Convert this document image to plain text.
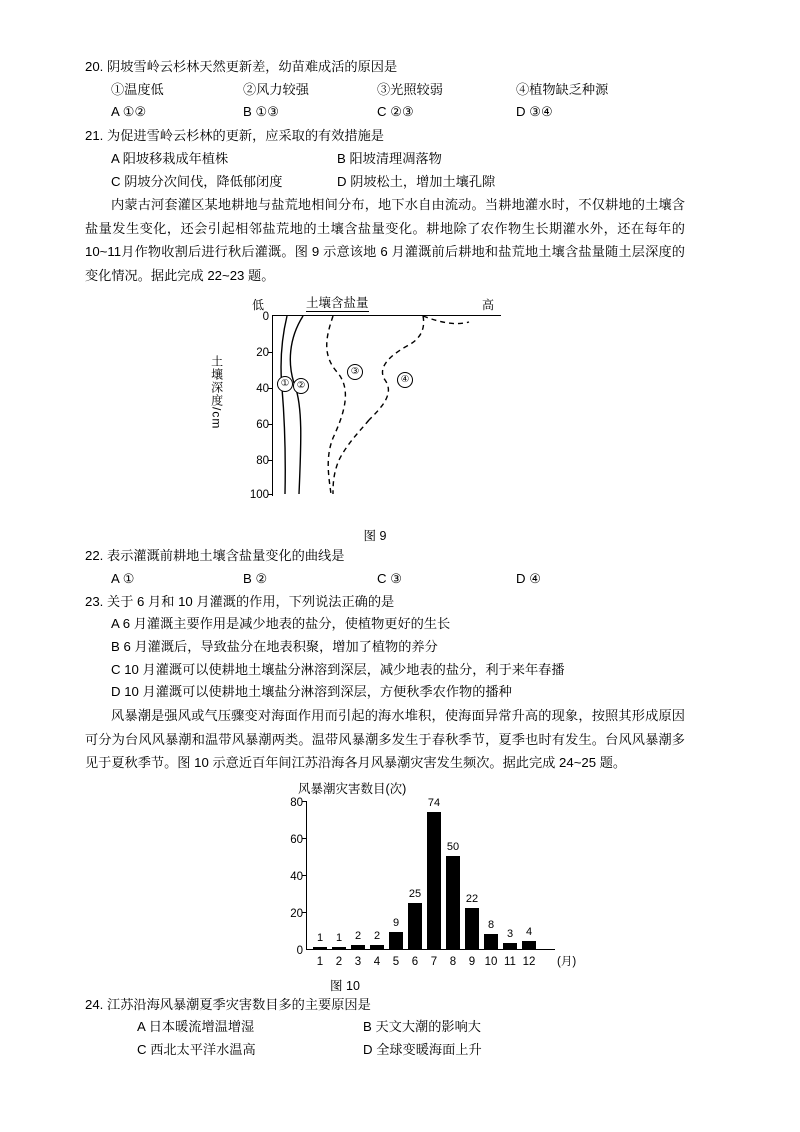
20. 阴坡雪岭云杉林天然更新差，幼苗难成活的原因是
①温度低	②风力较强	③光照较弱	④植物缺乏种源
A ①②	B ①③	C ②③	D ③④
21. 为促进雪岭云杉林的更新，应采取的有效措施是
A 阳坡移栽成年植株	B 阳坡清理凋落物
C 阴坡分次间伐，降低郁闭度	D 阴坡松土，增加土壤孔隙
内蒙古河套灌区某地耕地与盐荒地相间分布，地下水自由流动。当耕地灌水时，不仅耕地的土壤含盐量发生变化，还会引起相邻盐荒地的土壤含盐量变化。耕地除了农作物生长期灌水外，还在每年的10~11月作物收割后进行秋后灌溉。图 9 示意该地 6 月灌溉前后耕地和盐荒地土壤含盐量随土层深度的变化情况。据此完成 22~23 题。
土壤含盐量
低	高
土壤深度/cm
0
20
40
60
80
100
① ②
③
④
图 9
22. 表示灌溉前耕地土壤含盐量变化的曲线是
A ①	B ②	C ③	D ④
23. 关于 6 月和 10 月灌溉的作用，下列说法正确的是
A 6 月灌溉主要作用是减少地表的盐分，使植物更好的生长
B 6 月灌溉后，导致盐分在地表积聚，增加了植物的养分
C 10 月灌溉可以使耕地土壤盐分淋溶到深层，减少地表的盐分，利于来年春播
D 10 月灌溉可以使耕地土壤盐分淋溶到深层，方便秋季农作物的播种
风暴潮是强风或气压骤变对海面作用而引起的海水堆积，使海面异常升高的现象，按照其形成原因可分为台风风暴潮和温带风暴潮两类。温带风暴潮多发生于春秋季节，夏季也时有发生。台风风暴潮多见于夏秋季节。图 10 示意近百年间江苏沿海各月风暴潮灾害发生频次。据此完成 24~25 题。
风暴潮灾害数目(次)
0
20
40
60
80
1	1	2	2
9
25
74
50
22
8
3	4
1	2	3	4	5	6	7	8	9 10 11 12 (月)
图 10
24. 江苏沿海风暴潮夏季灾害数目多的主要原因是
A 日本暖流增温增湿	B 天文大潮的影响大
C 西北太平洋水温高	D 全球变暖海面上升
